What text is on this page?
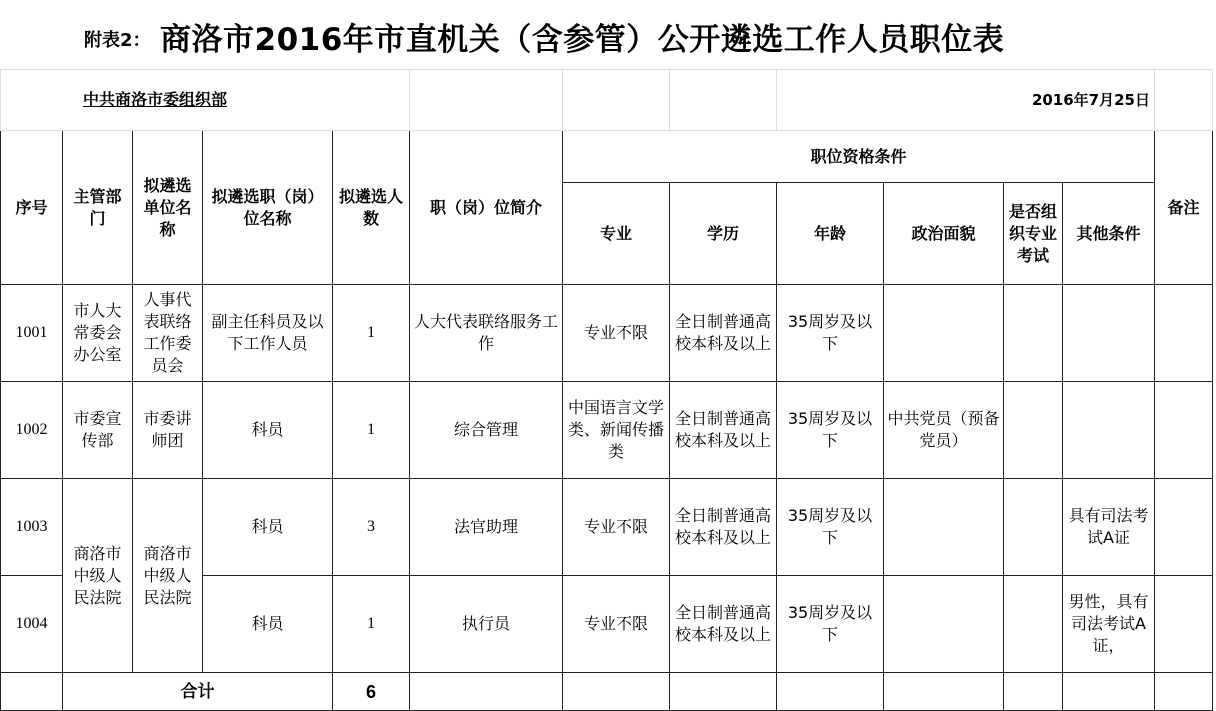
附表2： 商洛市2016年市直机关（含参管）公开遴选工作人员职位表
中共商洛市委组织部								2016年7月25日				
序号	主管部门	拟遴选单位名称	拟遴选职（岗）位名称	拟遴选人数	职（岗）位简介	职位资格条件						备注
						专业	学历	年龄	政治面貌	是否组织专业考试	其他条件	
1001	市人大常委会办公室	人事代表联络工作委员会	副主任科员及以下工作人员	1	人大代表联络服务工作	专业不限	全日制普通高校本科及以上	35周岁及以下				
1002	市委宣传部	市委讲师团	科员	1	综合管理	中国语言文学类、新闻传播类	全日制普通高校本科及以上	35周岁及以下	中共党员（预备党员）			
1003	商洛市中级人民法院	商洛市中级人民法院	科员	3	法官助理	专业不限	全日制普通高校本科及以上	35周岁及以下			具有司法考试A证	
1004			科员	1	执行员	专业不限	全日制普通高校本科及以上	35周岁及以下			男性，具有司法考试A证，	
	合计			6								
